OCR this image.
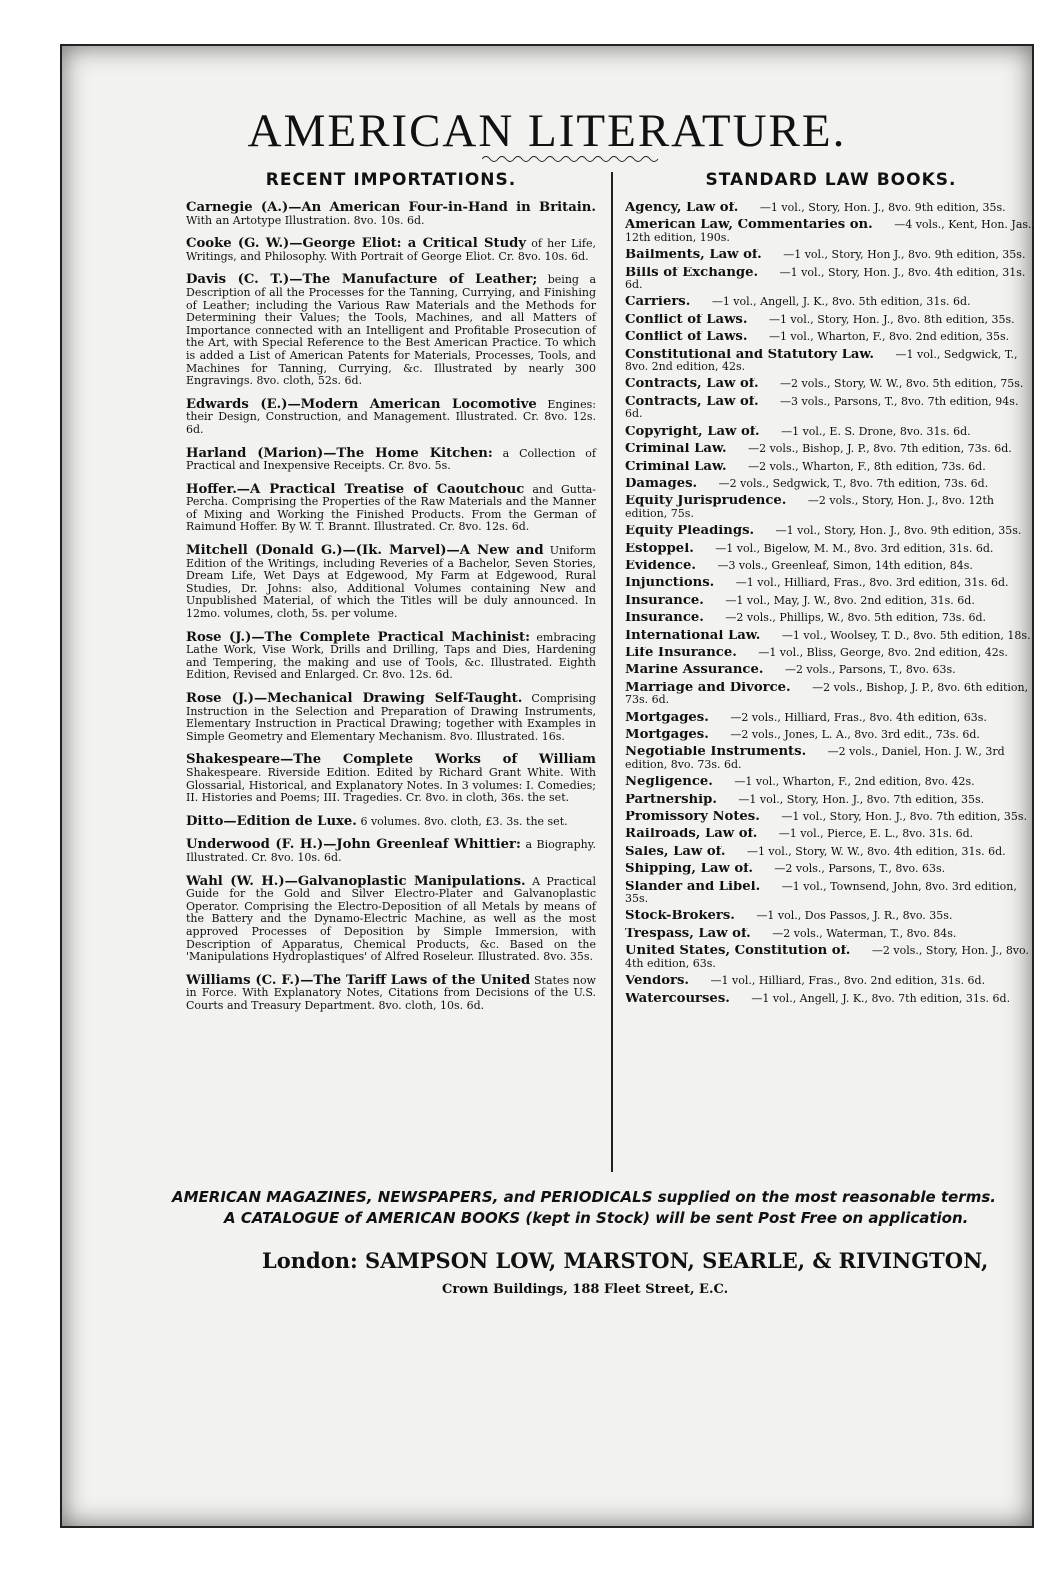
AMERICAN LITERATURE.
RECENT IMPORTATIONS.
Carnegie (A.)—An American Four-in-Hand in Britain. With an Artotype Illustration. 8vo. 10s. 6d.
Cooke (G. W.)—George Eliot: a Critical Study of her Life, Writings, and Philosophy. With Portrait of George Eliot. Cr. 8vo. 10s. 6d.
Davis (C. T.)—The Manufacture of Leather; being a Description of all the Processes for the Tanning, Currying, and Finishing of Leather; including the Various Raw Materials and the Methods for Determining their Values; the Tools, Machines, and all Matters of Importance connected with an Intelligent and Profitable Prosecution of the Art, with Special Reference to the Best American Practice. To which is added a List of American Patents for Materials, Processes, Tools, and Machines for Tanning, Currying, &c. Illustrated by nearly 300 Engravings. 8vo. cloth, 52s. 6d.
Edwards (E.)—Modern American Locomotive Engines: their Design, Construction, and Management. Illustrated. Cr. 8vo. 12s. 6d.
Harland (Marion)—The Home Kitchen: a Collection of Practical and Inexpensive Receipts. Cr. 8vo. 5s.
Hoffer.—A Practical Treatise of Caoutchouc and Gutta-Percha. Comprising the Properties of the Raw Materials and the Manner of Mixing and Working the Finished Products. From the German of Raimund Hoffer. By W. T. Brannt. Illustrated. Cr. 8vo. 12s. 6d.
Mitchell (Donald G.)—(Ik. Marvel)—A New and Uniform Edition of the Writings, including Reveries of a Bachelor, Seven Stories, Dream Life, Wet Days at Edgewood, My Farm at Edgewood, Rural Studies, Dr. Johns: also, Additional Volumes containing New and Unpublished Material, of which the Titles will be duly announced. In 12mo. volumes, cloth, 5s. per volume.
Rose (J.)—The Complete Practical Machinist: embracing Lathe Work, Vise Work, Drills and Drilling, Taps and Dies, Hardening and Tempering, the making and use of Tools, &c. Illustrated. Eighth Edition, Revised and Enlarged. Cr. 8vo. 12s. 6d.
Rose (J.)—Mechanical Drawing Self-Taught. Comprising Instruction in the Selection and Preparation of Drawing Instruments, Elementary Instruction in Practical Drawing; together with Examples in Simple Geometry and Elementary Mechanism. 8vo. Illustrated. 16s.
Shakespeare—The Complete Works of William Shakespeare. Riverside Edition. Edited by Richard Grant White. With Glossarial, Historical, and Explanatory Notes. In 3 volumes: I. Comedies; II. Histories and Poems; III. Tragedies. Cr. 8vo. in cloth, 36s. the set.
Ditto—Edition de Luxe. 6 volumes. 8vo. cloth, £3. 3s. the set.
Underwood (F. H.)—John Greenleaf Whittier: a Biography. Illustrated. Cr. 8vo. 10s. 6d.
Wahl (W. H.)—Galvanoplastic Manipulations. A Practical Guide for the Gold and Silver Electro-Plater and Galvanoplastic Operator. Comprising the Electro-Deposition of all Metals by means of the Battery and the Dynamo-Electric Machine, as well as the most approved Processes of Deposition by Simple Immersion, with Description of Apparatus, Chemical Products, &c. Based on the 'Manipulations Hydroplastiques' of Alfred Roseleur. Illustrated. 8vo. 35s.
Williams (C. F.)—The Tariff Laws of the United States now in Force. With Explanatory Notes, Citations from Decisions of the U.S. Courts and Treasury Department. 8vo. cloth, 10s. 6d.
STANDARD LAW BOOKS.
Agency, Law of. —1 vol., Story, Hon. J., 8vo. 9th edition, 35s.
American Law, Commentaries on. —4 vols., Kent, Hon. Jas., 12th edition, 190s.
Bailments, Law of. —1 vol., Story, Hon J., 8vo. 9th edition, 35s.
Bills of Exchange. —1 vol., Story, Hon. J., 8vo. 4th edition, 31s. 6d.
Carriers. —1 vol., Angell, J. K., 8vo. 5th edition, 31s. 6d.
Conflict of Laws. —1 vol., Story, Hon. J., 8vo. 8th edition, 35s.
Conflict of Laws. —1 vol., Wharton, F., 8vo. 2nd edition, 35s.
Constitutional and Statutory Law. —1 vol., Sedgwick, T., 8vo. 2nd edition, 42s.
Contracts, Law of. —2 vols., Story, W. W., 8vo. 5th edition, 75s.
Contracts, Law of. —3 vols., Parsons, T., 8vo. 7th edition, 94s. 6d.
Copyright, Law of. —1 vol., E. S. Drone, 8vo. 31s. 6d.
Criminal Law. —2 vols., Bishop, J. P., 8vo. 7th edition, 73s. 6d.
Criminal Law. —2 vols., Wharton, F., 8th edition, 73s. 6d.
Damages. —2 vols., Sedgwick, T., 8vo. 7th edition, 73s. 6d.
Equity Jurisprudence. —2 vols., Story, Hon. J., 8vo. 12th edition, 75s.
Equity Pleadings. —1 vol., Story, Hon. J., 8vo. 9th edition, 35s.
Estoppel. —1 vol., Bigelow, M. M., 8vo. 3rd edition, 31s. 6d.
Evidence. —3 vols., Greenleaf, Simon, 14th edition, 84s.
Injunctions. —1 vol., Hilliard, Fras., 8vo. 3rd edition, 31s. 6d.
Insurance. —1 vol., May, J. W., 8vo. 2nd edition, 31s. 6d.
Insurance. —2 vols., Phillips, W., 8vo. 5th edition, 73s. 6d.
International Law. —1 vol., Woolsey, T. D., 8vo. 5th edition, 18s.
Life Insurance. —1 vol., Bliss, George, 8vo. 2nd edition, 42s.
Marine Assurance. —2 vols., Parsons, T., 8vo. 63s.
Marriage and Divorce. —2 vols., Bishop, J. P., 8vo. 6th edition, 73s. 6d.
Mortgages. —2 vols., Hilliard, Fras., 8vo. 4th edition, 63s.
Mortgages. —2 vols., Jones, L. A., 8vo. 3rd edit., 73s. 6d.
Negotiable Instruments. —2 vols., Daniel, Hon. J. W., 3rd edition, 8vo. 73s. 6d.
Negligence. —1 vol., Wharton, F., 2nd edition, 8vo. 42s.
Partnership. —1 vol., Story, Hon. J., 8vo. 7th edition, 35s.
Promissory Notes. —1 vol., Story, Hon. J., 8vo. 7th edition, 35s.
Railroads, Law of. —1 vol., Pierce, E. L., 8vo. 31s. 6d.
Sales, Law of. —1 vol., Story, W. W., 8vo. 4th edition, 31s. 6d.
Shipping, Law of. —2 vols., Parsons, T., 8vo. 63s.
Slander and Libel. —1 vol., Townsend, John, 8vo. 3rd edition, 35s.
Stock-Brokers. —1 vol., Dos Passos, J. R., 8vo. 35s.
Trespass, Law of. —2 vols., Waterman, T., 8vo. 84s.
United States, Constitution of. —2 vols., Story, Hon. J., 8vo. 4th edition, 63s.
Vendors. —1 vol., Hilliard, Fras., 8vo. 2nd edition, 31s. 6d.
Watercourses. —1 vol., Angell, J. K., 8vo. 7th edition, 31s. 6d.
AMERICAN MAGAZINES, NEWSPAPERS, and PERIODICALS supplied on the most reasonable terms.
A CATALOGUE of AMERICAN BOOKS (kept in Stock) will be sent Post Free on application.
London: SAMPSON LOW, MARSTON, SEARLE, & RIVINGTON,
Crown Buildings, 188 Fleet Street, E.C.
